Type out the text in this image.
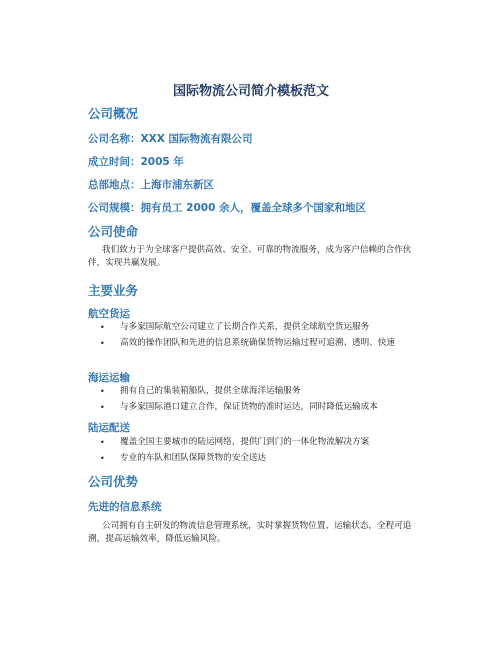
国际物流公司简介模板范文
公司概况
公司名称：XXX 国际物流有限公司
成立时间：2005 年
总部地点：上海市浦东新区
公司规模：拥有员工 2000 余人，覆盖全球多个国家和地区
公司使命

我们致力于为全球客户提供高效、安全、可靠的物流服务，成为客户信赖的合作伙伴，实现共赢发展。

主要业务
航空货运
• 与多家国际航空公司建立了长期合作关系，提供全球航空货运服务
• 高效的操作团队和先进的信息系统确保货物运输过程可追溯、透明、快速
海运运输
• 拥有自己的集装箱船队，提供全球海洋运输服务
• 与多家国际港口建立合作，保证货物的准时运达，同时降低运输成本
陆运配送
• 覆盖全国主要城市的陆运网络，提供门到门的一体化物流解决方案
• 专业的车队和团队保障货物的安全送达
公司优势
先进的信息系统

公司拥有自主研发的物流信息管理系统，实时掌握货物位置、运输状态，全程可追溯，提高运输效率，降低运输风险。
